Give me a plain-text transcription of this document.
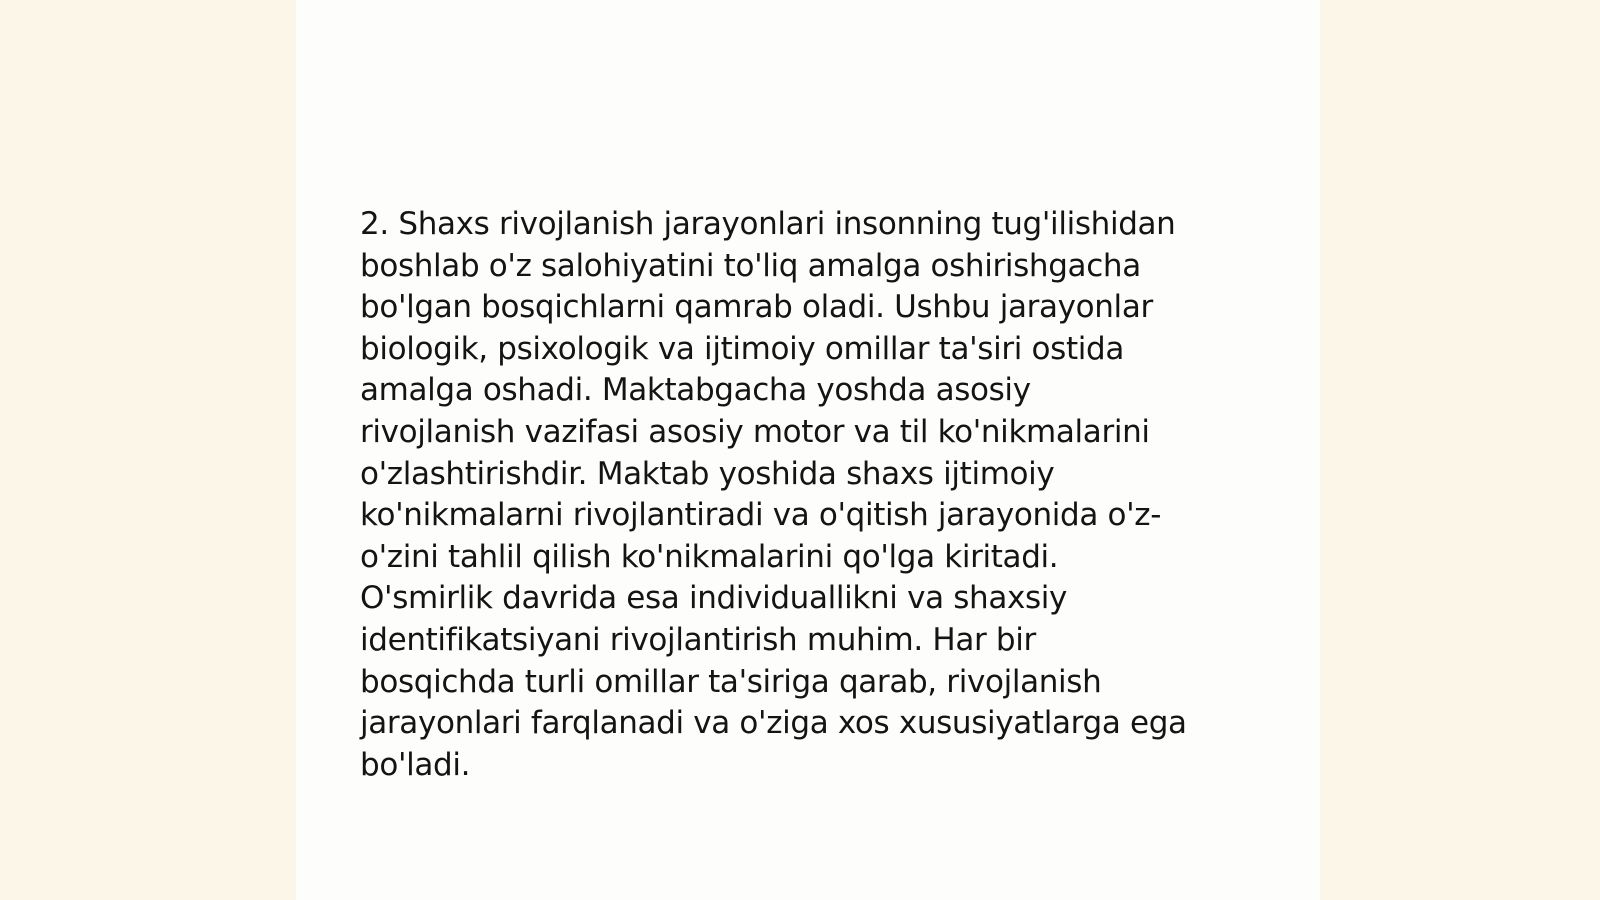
2. Shaxs rivojlanish jarayonlari insonning tug'ilishidan
boshlab o'z salohiyatini to'liq amalga oshirishgacha
bo'lgan bosqichlarni qamrab oladi. Ushbu jarayonlar
biologik, psixologik va ijtimoiy omillar ta'siri ostida
amalga oshadi. Maktabgacha yoshda asosiy
rivojlanish vazifasi asosiy motor va til ko'nikmalarini
o'zlashtirishdir. Maktab yoshida shaxs ijtimoiy
ko'nikmalarni rivojlantiradi va o'qitish jarayonida o'z-
o'zini tahlil qilish ko'nikmalarini qo'lga kiritadi.
O'smirlik davrida esa individuallikni va shaxsiy
identifikatsiyani rivojlantirish muhim. Har bir
bosqichda turli omillar ta'siriga qarab, rivojlanish
jarayonlari farqlanadi va o'ziga xos xususiyatlarga ega
bo'ladi.
